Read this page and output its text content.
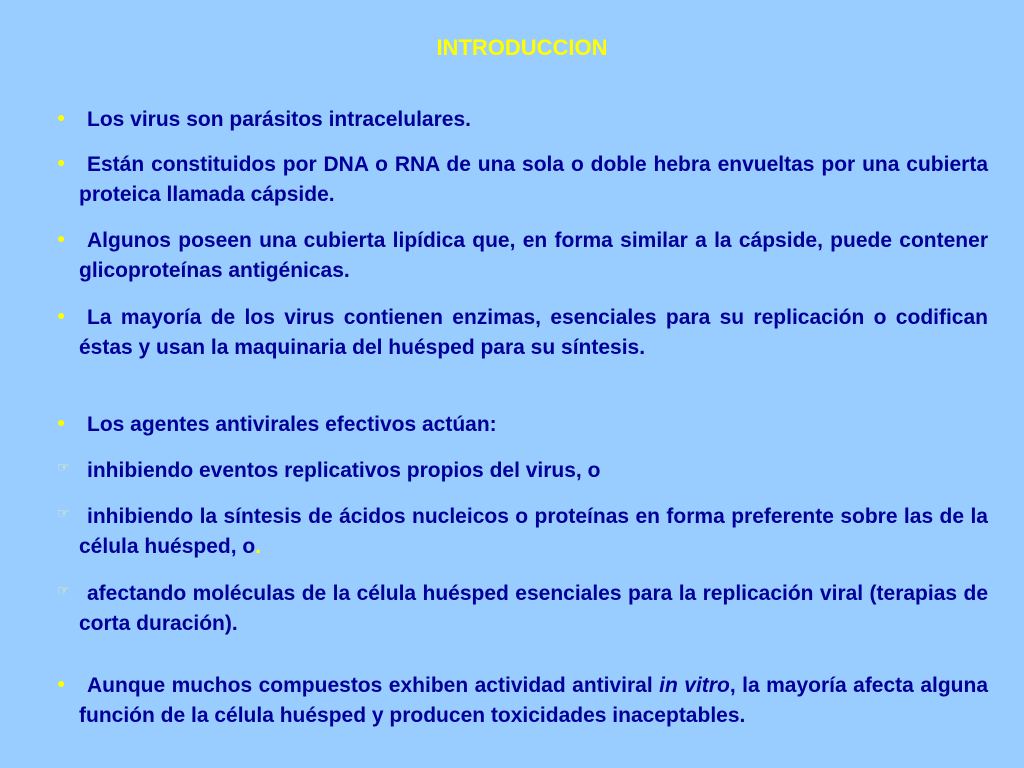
INTRODUCCION
●	Los virus son parásitos intracelulares.
●	Están constituidos por DNA o RNA de una sola o doble hebra envueltas por una cubierta proteica llamada cápside.
●	Algunos poseen una cubierta lipídica que, en forma similar a la cápside, puede contener glicoproteínas antigénicas.
●	La mayoría de los virus contienen enzimas, esenciales para su replicación o codifican éstas y usan la maquinaria del huésped para su síntesis.
●	Los agentes antivirales efectivos actúan:
☞ inhibiendo eventos replicativos propios del virus, o
☞ inhibiendo la síntesis de ácidos nucleicos o proteínas en forma preferente sobre las de la célula huésped, o.
☞ afectando moléculas de la célula huésped esenciales para la replicación viral (terapias de corta duración).
●	Aunque muchos compuestos exhiben actividad antiviral in vitro, la mayoría afecta alguna función de la célula huésped y producen toxicidades inaceptables.
